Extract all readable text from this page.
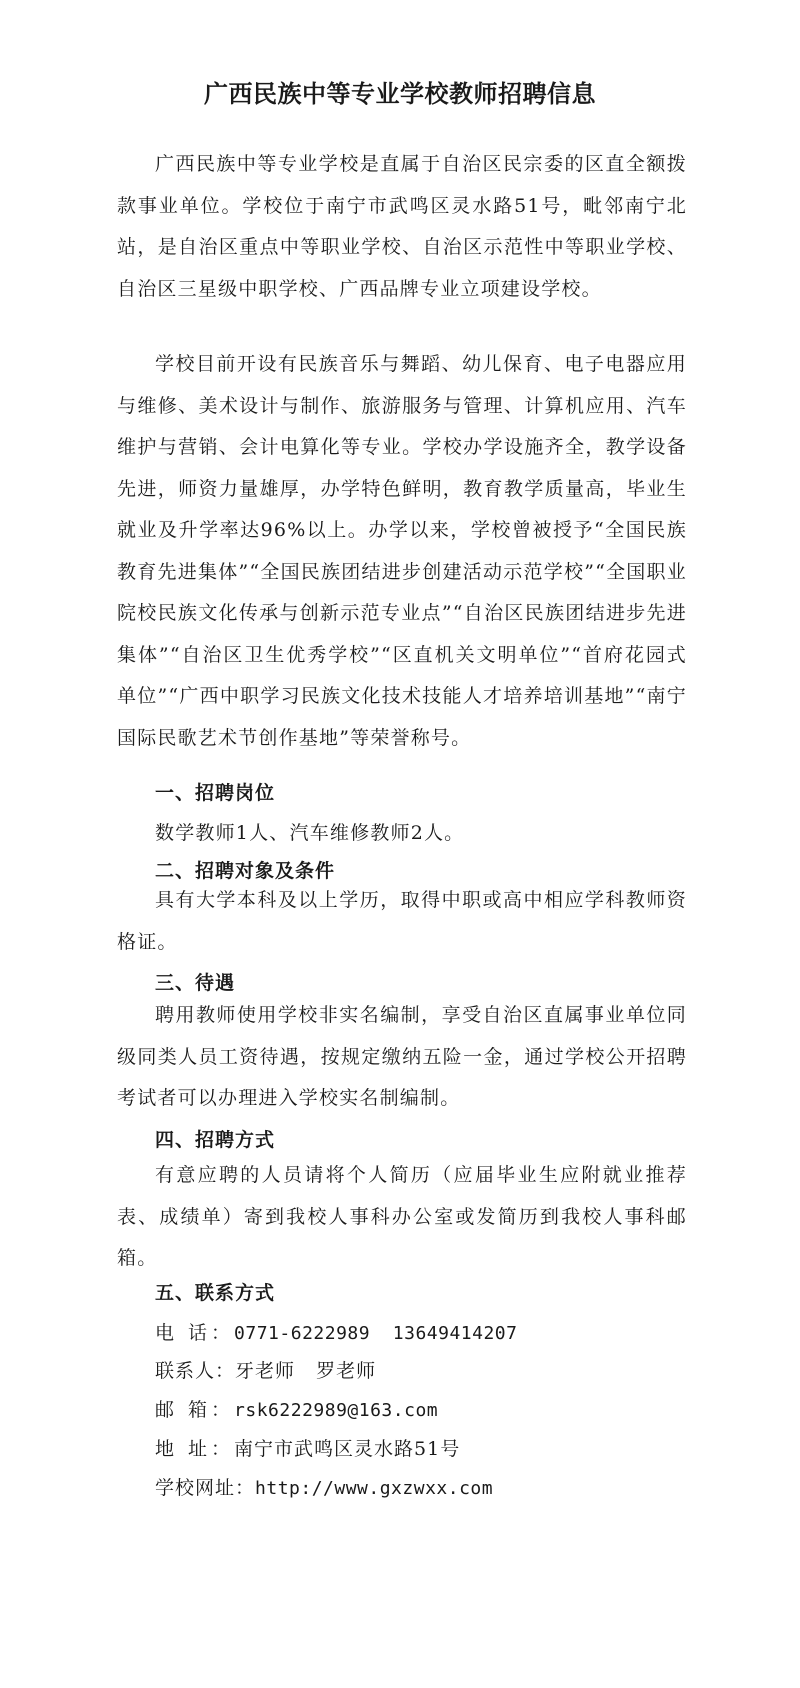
广西民族中等专业学校教师招聘信息
广西民族中等专业学校是直属于自治区民宗委的区直全额拨款事业单位。学校位于南宁市武鸣区灵水路51号，毗邻南宁北站，是自治区重点中等职业学校、自治区示范性中等职业学校、自治区三星级中职学校、广西品牌专业立项建设学校。
学校目前开设有民族音乐与舞蹈、幼儿保育、电子电器应用与维修、美术设计与制作、旅游服务与管理、计算机应用、汽车维护与营销、会计电算化等专业。学校办学设施齐全，教学设备先进，师资力量雄厚，办学特色鲜明，教育教学质量高，毕业生就业及升学率达96%以上。办学以来，学校曾被授予“全国民族教育先进集体”“全国民族团结进步创建活动示范学校”“全国职业院校民族文化传承与创新示范专业点”“自治区民族团结进步先进集体”“自治区卫生优秀学校”“区直机关文明单位”“首府花园式单位”“广西中职学习民族文化技术技能人才培养培训基地”“南宁国际民歌艺术节创作基地”等荣誉称号。
一、招聘岗位
数学教师1人、汽车维修教师2人。
二、招聘对象及条件
具有大学本科及以上学历，取得中职或高中相应学科教师资格证。
三、待遇
聘用教师使用学校非实名编制，享受自治区直属事业单位同级同类人员工资待遇，按规定缴纳五险一金，通过学校公开招聘考试者可以办理进入学校实名制编制。
四、招聘方式
有意应聘的人员请将个人简历（应届毕业生应附就业推荐表、成绩单）寄到我校人事科办公室或发简历到我校人事科邮箱。
五、联系方式
电 话：0771-6222989  13649414207
联系人：牙老师   罗老师
邮 箱：rsk6222989@163.com
地 址：南宁市武鸣区灵水路51号
学校网址：http://www.gxzwxx.com
